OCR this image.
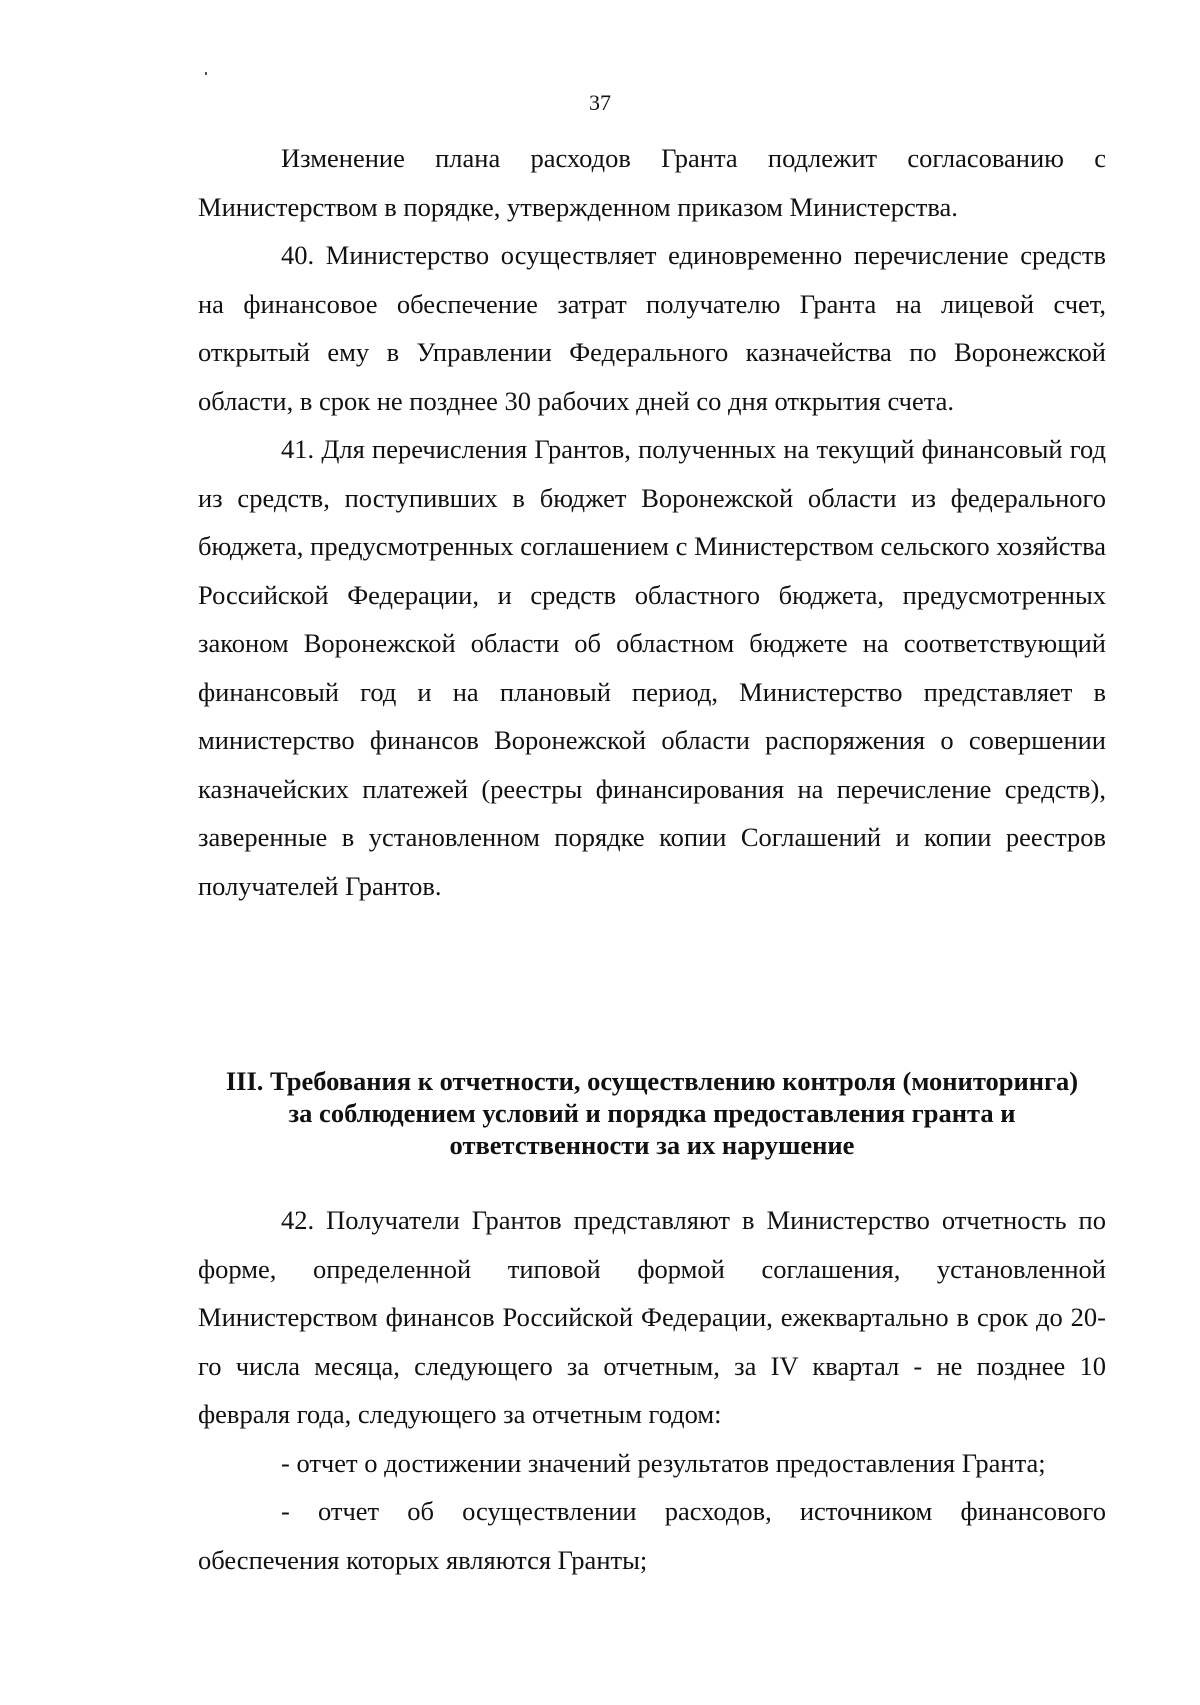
37

Изменение плана расходов Гранта подлежит согласованию с Министерством в порядке, утвержденном приказом Министерства.

40. Министерство осуществляет единовременно перечисление средств на финансовое обеспечение затрат получателю Гранта на лицевой счет, открытый ему в Управлении Федерального казначейства по Воронежской области, в срок не позднее 30 рабочих дней со дня открытия счета.

41. Для перечисления Грантов, полученных на текущий финансовый год из средств, поступивших в бюджет Воронежской области из федерального бюджета, предусмотренных соглашением с Министерством сельского хозяйства Российской Федерации, и средств областного бюджета, предусмотренных законом Воронежской области об областном бюджете на соответствующий финансовый год и на плановый период, Министерство представляет в министерство финансов Воронежской области распоряжения о совершении казначейских платежей (реестры финансирования на перечисление средств), заверенные в установленном порядке копии Соглашений и копии реестров получателей Грантов.

III. Требования к отчетности, осуществлению контроля (мониторинга)
за соблюдением условий и порядка предоставления гранта и
ответственности за их нарушение

42. Получатели Грантов представляют в Министерство отчетность по форме, определенной типовой формой соглашения, установленной Министерством финансов Российской Федерации, ежеквартально в срок до 20-го числа месяца, следующего за отчетным, за IV квартал - не позднее 10 февраля года, следующего за отчетным годом:

- отчет о достижении значений результатов предоставления Гранта;

- отчет об осуществлении расходов, источником финансового обеспечения которых являются Гранты;
